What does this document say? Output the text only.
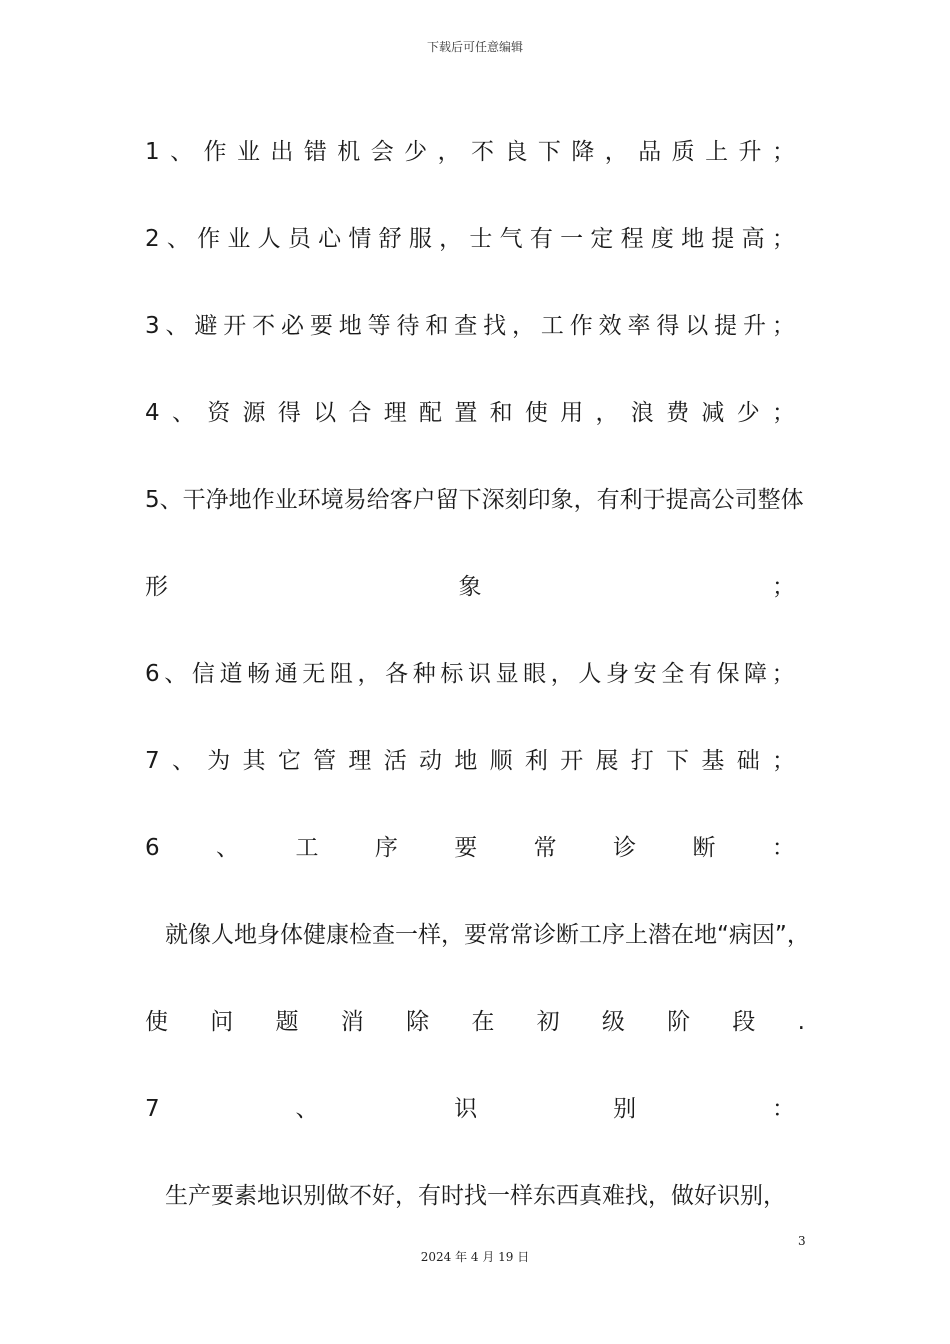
下载后可任意编辑
1 、 作 业 出 错 机 会 少 ， 不 良 下 降 ， 品 质 上 升 ；
2 、 作 业 人 员 心 情 舒 服 ， 士 气 有 一 定 程 度 地 提 高 ；
3 、 避 开 不 必 要 地 等 待 和 查 找 ， 工 作 效 率 得 以 提 升 ；
4 、 资 源 得 以 合 理 配 置 和 使 用 ， 浪 费 减 少 ；
5、干净地作业环境易给客户留下深刻印象，有利于提高公司整体
形	象	；
6 、 信 道 畅 通 无 阻 ， 各 种 标 识 显 眼 ， 人 身 安 全 有 保 障 ；
7 、 为 其 它 管 理 活 动 地 顺 利 开 展 打 下 基 础 ；
6 、 工 序 要 常 诊 断 ：
就像人地身体健康检查一样，要常常诊断工序上潜在地“病因”，
使 问 题 消 除 在 初 级 阶 段 .
7	、	识	别	：
生产要素地识别做不好，有时找一样东西真难找，做好识别，
3
2024 年 4 月 19 日
